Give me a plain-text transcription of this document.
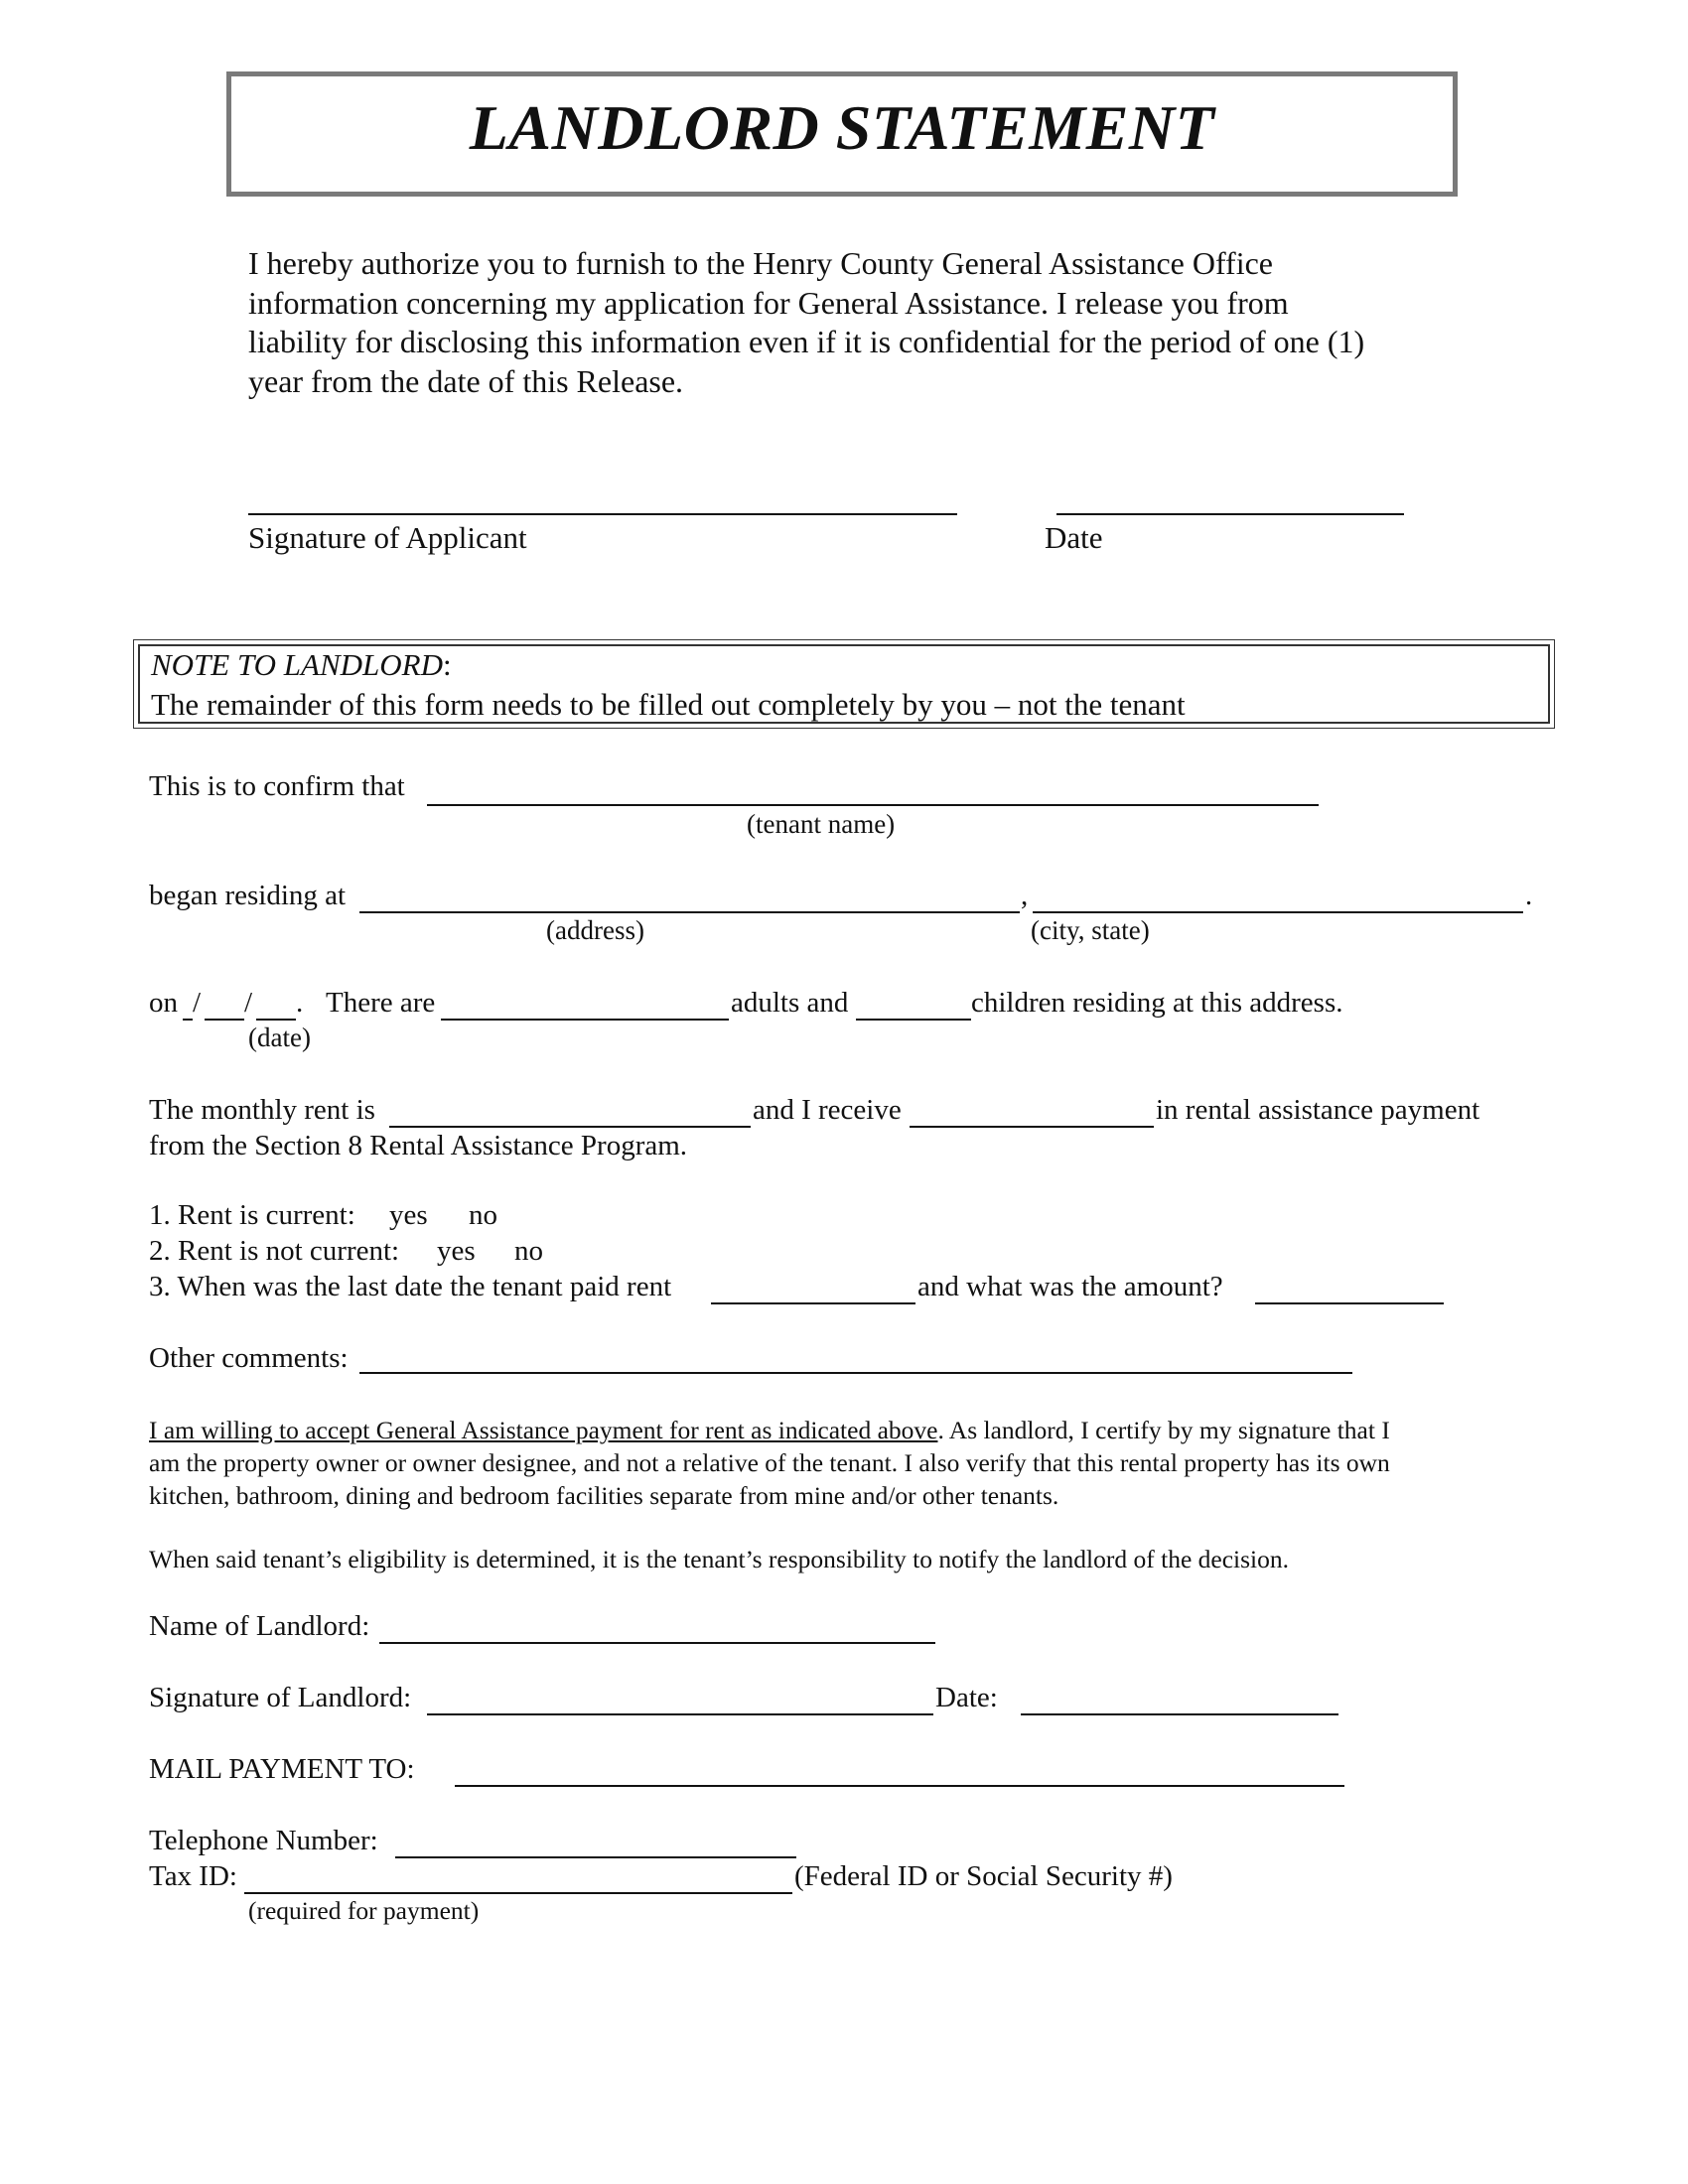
LANDLORD STATEMENT

I hereby authorize you to furnish to the Henry County General Assistance Office

information concerning my application for General Assistance. I release you from

liability for disclosing this information even if it is confidential for the period of one (1)

year from the date of this Release.

Signature of Applicant	Date
NOTE TO LANDLORD:
The remainder of this form needs to be filled out completely by you – not the tenant
This is to confirm that
(tenant name)
began residing at	,	.
(address)	(city, state)
on / / . There are	adults and	children residing at this address.
(date)
The monthly rent is	and I receive	in rental assistance payment
from the Section 8 Rental Assistance Program.
1. Rent is current: yes no
2. Rent is not current: yes no
3. When was the last date the tenant paid rent	and what was the amount?
Other comments:

I am willing to accept General Assistance payment for rent as indicated above. As landlord, I certify by my signature that I

am the property owner or owner designee, and not a relative of the tenant. I also verify that this rental property has its own

kitchen, bathroom, dining and bedroom facilities separate from mine and/or other tenants.

When said tenant’s eligibility is determined, it is the tenant’s responsibility to notify the landlord of the decision.

Name of Landlord:
Signature of Landlord:	Date:
MAIL PAYMENT TO:
Telephone Number:
Tax ID:	(Federal ID or Social Security #)
(required for payment)
